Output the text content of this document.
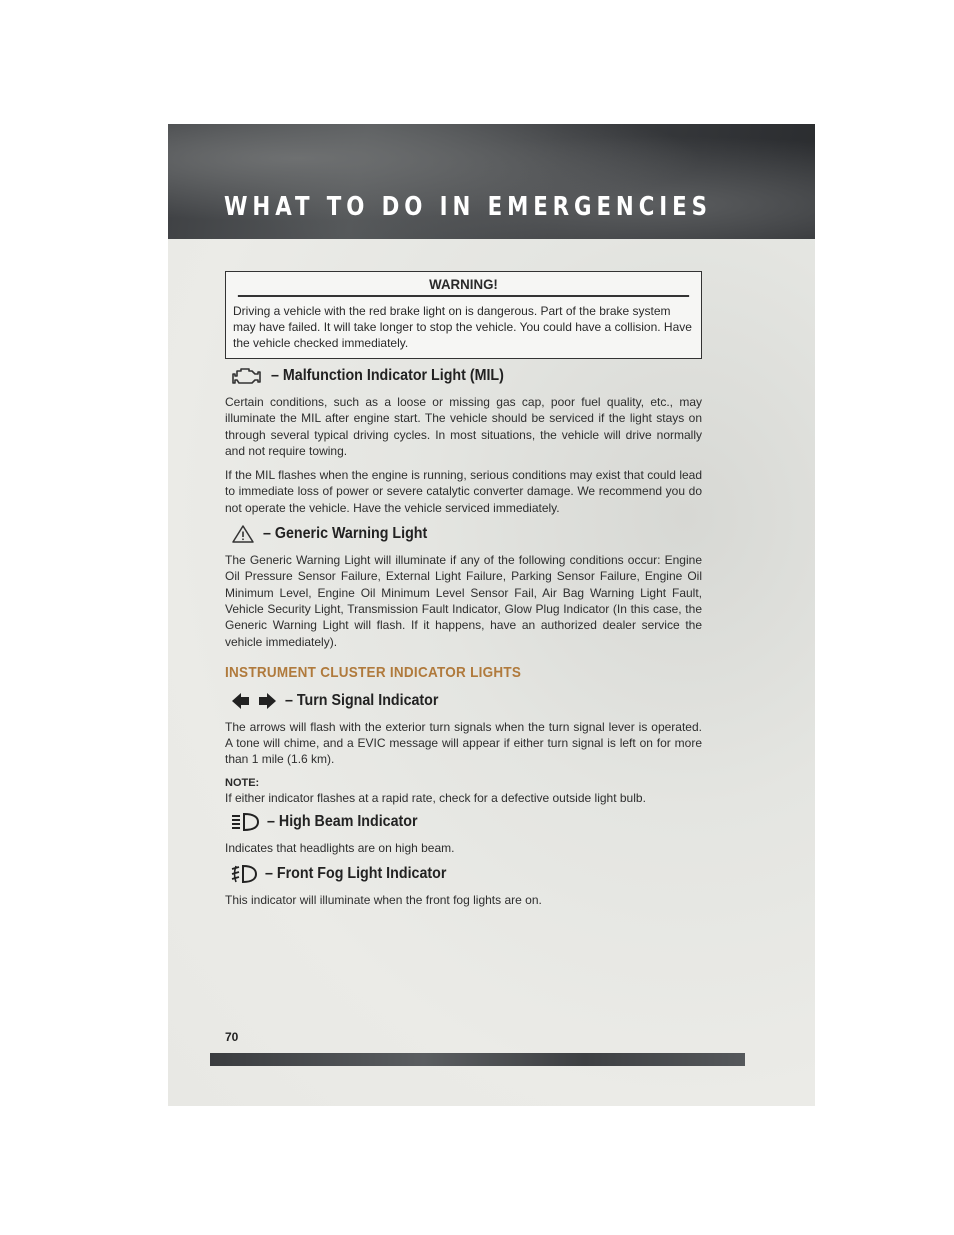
WHAT TO DO IN EMERGENCIES
WARNING!
Driving a vehicle with the red brake light on is dangerous. Part of the brake system may have failed. It will take longer to stop the vehicle. You could have a collision. Have the vehicle checked immediately.
– Malfunction Indicator Light (MIL)

Certain conditions, such as a loose or missing gas cap, poor fuel quality, etc., may illuminate the MIL after engine start. The vehicle should be serviced if the light stays on through several typical driving cycles. In most situations, the vehicle will drive normally and not require towing.

If the MIL flashes when the engine is running, serious conditions may exist that could lead to immediate loss of power or severe catalytic converter damage. We recommend you do not operate the vehicle. Have the vehicle serviced immediately.

– Generic Warning Light

The Generic Warning Light will illuminate if any of the following conditions occur: Engine Oil Pressure Sensor Failure, External Light Failure, Parking Sensor Failure, Engine Oil Minimum Level, Engine Oil Minimum Level Sensor Fail, Air Bag Warning Light Fault, Vehicle Security Light, Transmission Fault Indicator, Glow Plug Indicator (In this case, the Generic Warning Light will flash. If it happens, have an authorized dealer service the vehicle immediately).

INSTRUMENT CLUSTER INDICATOR LIGHTS
– Turn Signal Indicator

The arrows will flash with the exterior turn signals when the turn signal lever is operated. A tone will chime, and a EVIC message will appear if either turn signal is left on for more than 1 mile (1.6 km).

NOTE:

If either indicator flashes at a rapid rate, check for a defective outside light bulb.

– High Beam Indicator

Indicates that headlights are on high beam.

– Front Fog Light Indicator

This indicator will illuminate when the front fog lights are on.

70
